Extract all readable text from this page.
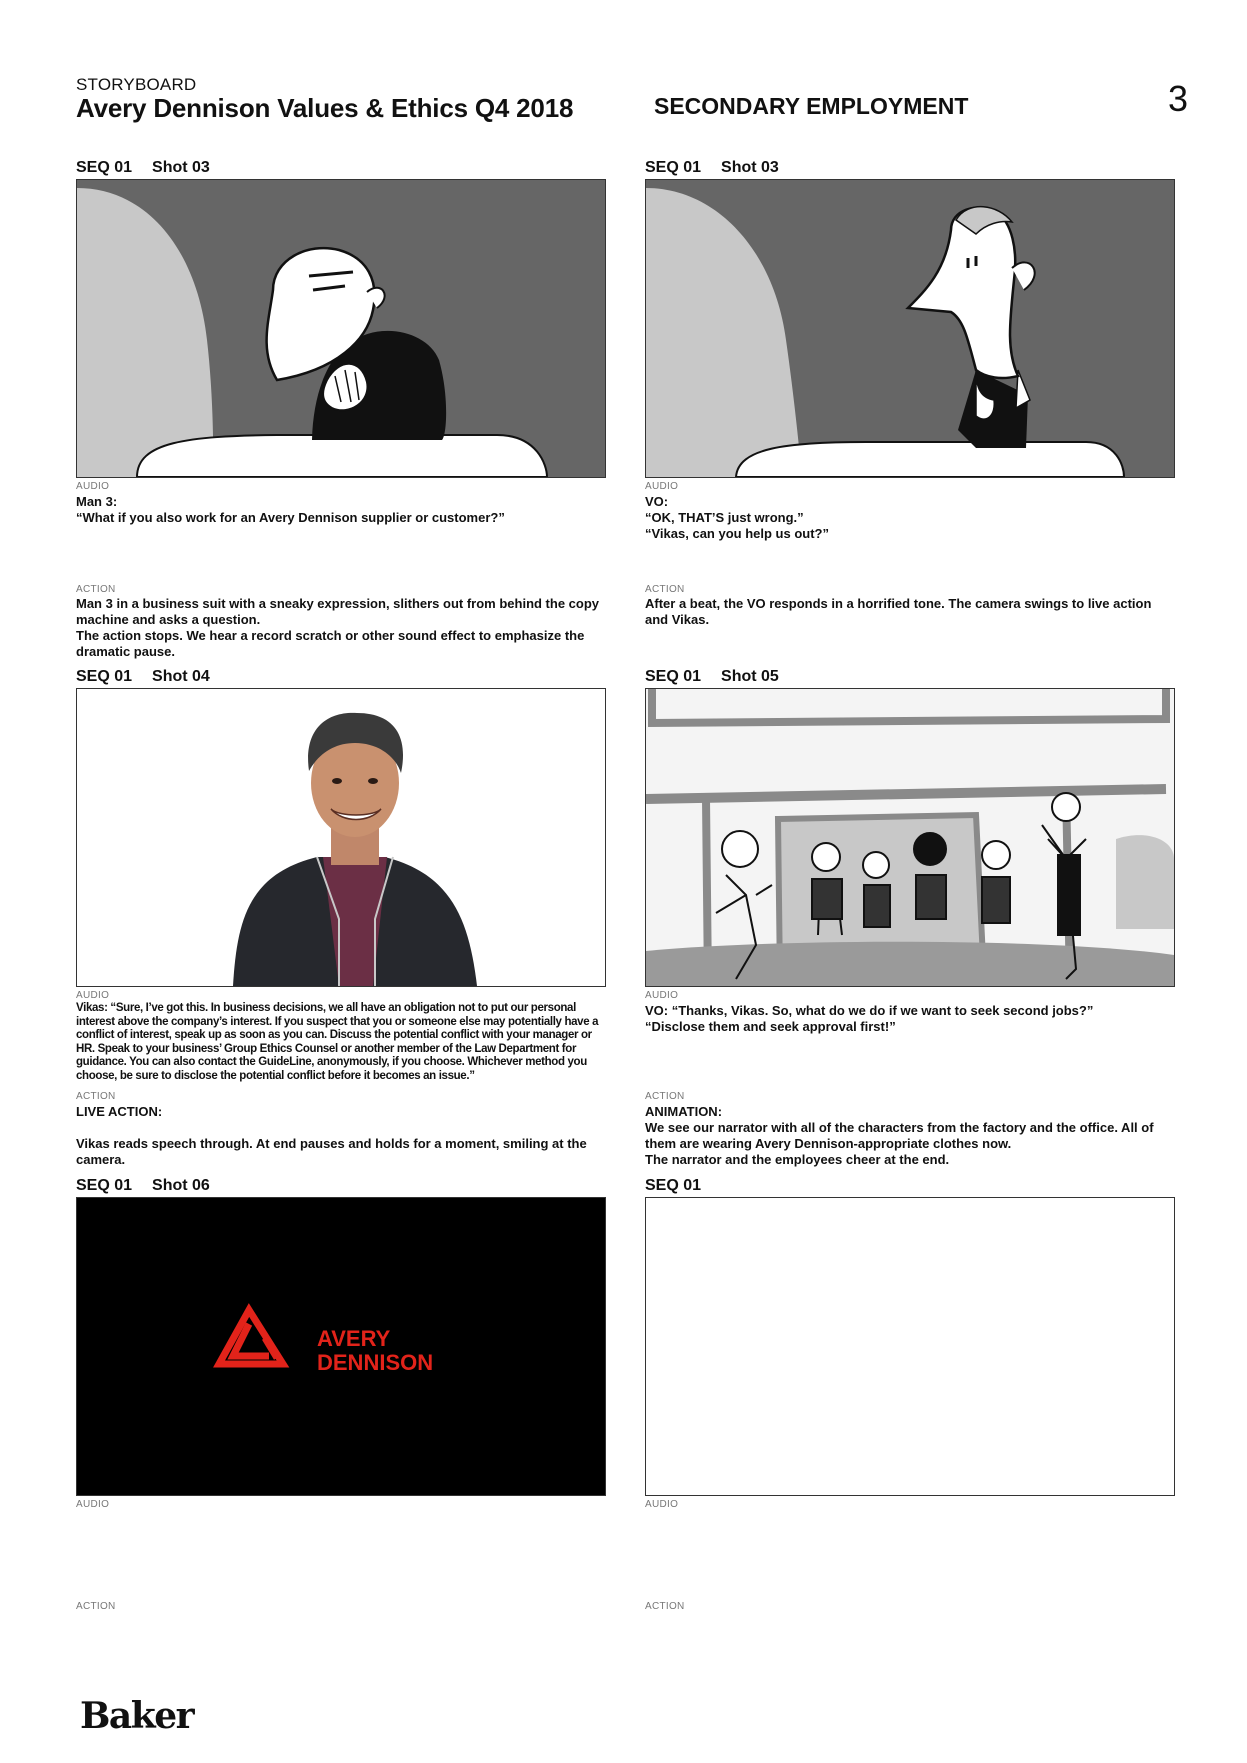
STORYBOARD
Avery Dennison Values & Ethics Q4 2018	SECONDARY EMPLOYMENT	3
SEQ 01 Shot 03
AUDIO
Man 3:
“What if you also work for an Avery Dennison supplier or customer?”
ACTION
Man 3 in a business suit with a sneaky expression, slithers out from behind the copy machine and asks a question.
The action stops. We hear a record scratch or other sound effect to emphasize the dramatic pause.
SEQ 01 Shot 03
AUDIO
VO:
“OK, THAT’S just wrong.”
“Vikas, can you help us out?”
ACTION
After a beat, the VO responds in a horrified tone. The camera swings to live action and Vikas.
SEQ 01 Shot 04
AUDIO
Vikas: “Sure, I’ve got this. In business decisions, we all have an obligation not to put our personal interest above the company’s interest. If you suspect that you or someone else may potentially have a conflict of interest, speak up as soon as you can. Discuss the potential conflict with your manager or HR. Speak to your business’ Group Ethics Counsel or another member of the Law Department for guidance. You can also contact the GuideLine, anonymously, if you choose. Whichever method you choose, be sure to disclose the potential conflict before it becomes an issue.”
ACTION
LIVE ACTION:
Vikas reads speech through. At end pauses and holds for a moment, smiling at the camera.
SEQ 01 Shot 05
AUDIO
VO: “Thanks, Vikas. So, what do we do if we want to seek second jobs?”
“Disclose them and seek approval first!”
ACTION
ANIMATION:
We see our narrator with all of the characters from the factory and the office. All of them are wearing Avery Dennison-appropriate clothes now.
The narrator and the employees cheer at the end.
SEQ 01 Shot 06
AVERY
DENNISON
AUDIO
ACTION
SEQ 01
AUDIO
ACTION
Baker
